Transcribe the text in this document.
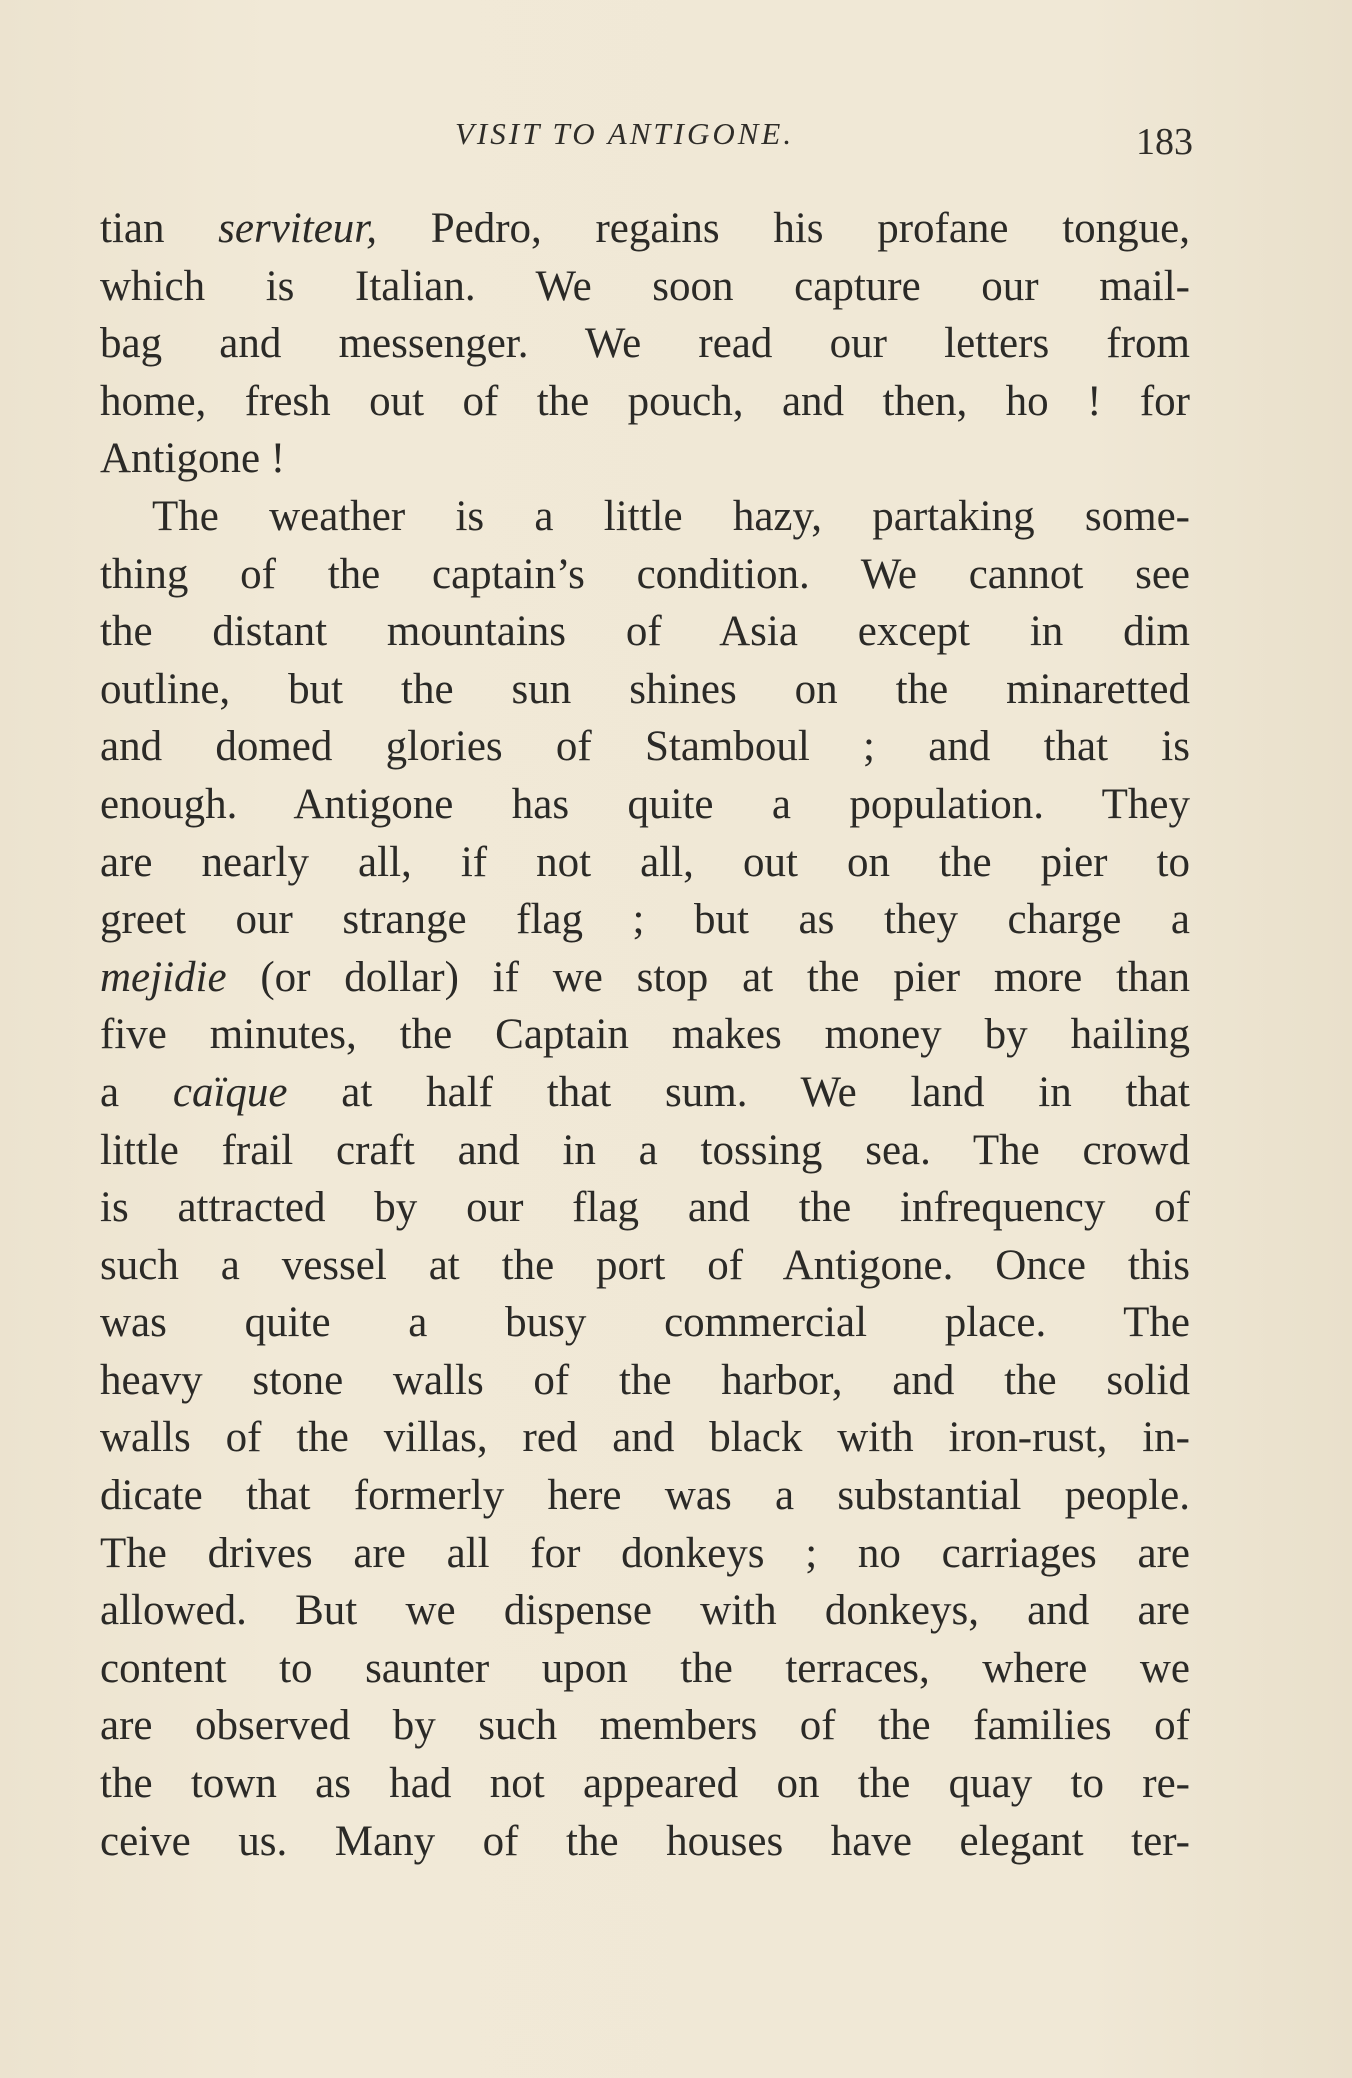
VISIT TO ANTIGONE.	183
tian serviteur, Pedro, regains his profane tongue,
which is Italian. We soon capture our mail-
bag and messenger. We read our letters from
home, fresh out of the pouch, and then, ho ! for
Antigone !
The weather is a little hazy, partaking some-
thing of the captain’s condition. We cannot see
the distant mountains of Asia except in dim
outline, but the sun shines on the minaretted
and domed glories of Stamboul ; and that is
enough. Antigone has quite a population. They
are nearly all, if not all, out on the pier to
greet our strange flag ; but as they charge a
mejidie (or dollar) if we stop at the pier more than
five minutes, the Captain makes money by hailing
a caïque at half that sum. We land in that
little frail craft and in a tossing sea. The crowd
is attracted by our flag and the infrequency of
such a vessel at the port of Antigone. Once this
was quite a busy commercial place. The
heavy stone walls of the harbor, and the solid
walls of the villas, red and black with iron-rust, in-
dicate that formerly here was a substantial people.
The drives are all for donkeys ; no carriages are
allowed. But we dispense with donkeys, and are
content to saunter upon the terraces, where we
are observed by such members of the families of
the town as had not appeared on the quay to re-
ceive us. Many of the houses have elegant ter-
